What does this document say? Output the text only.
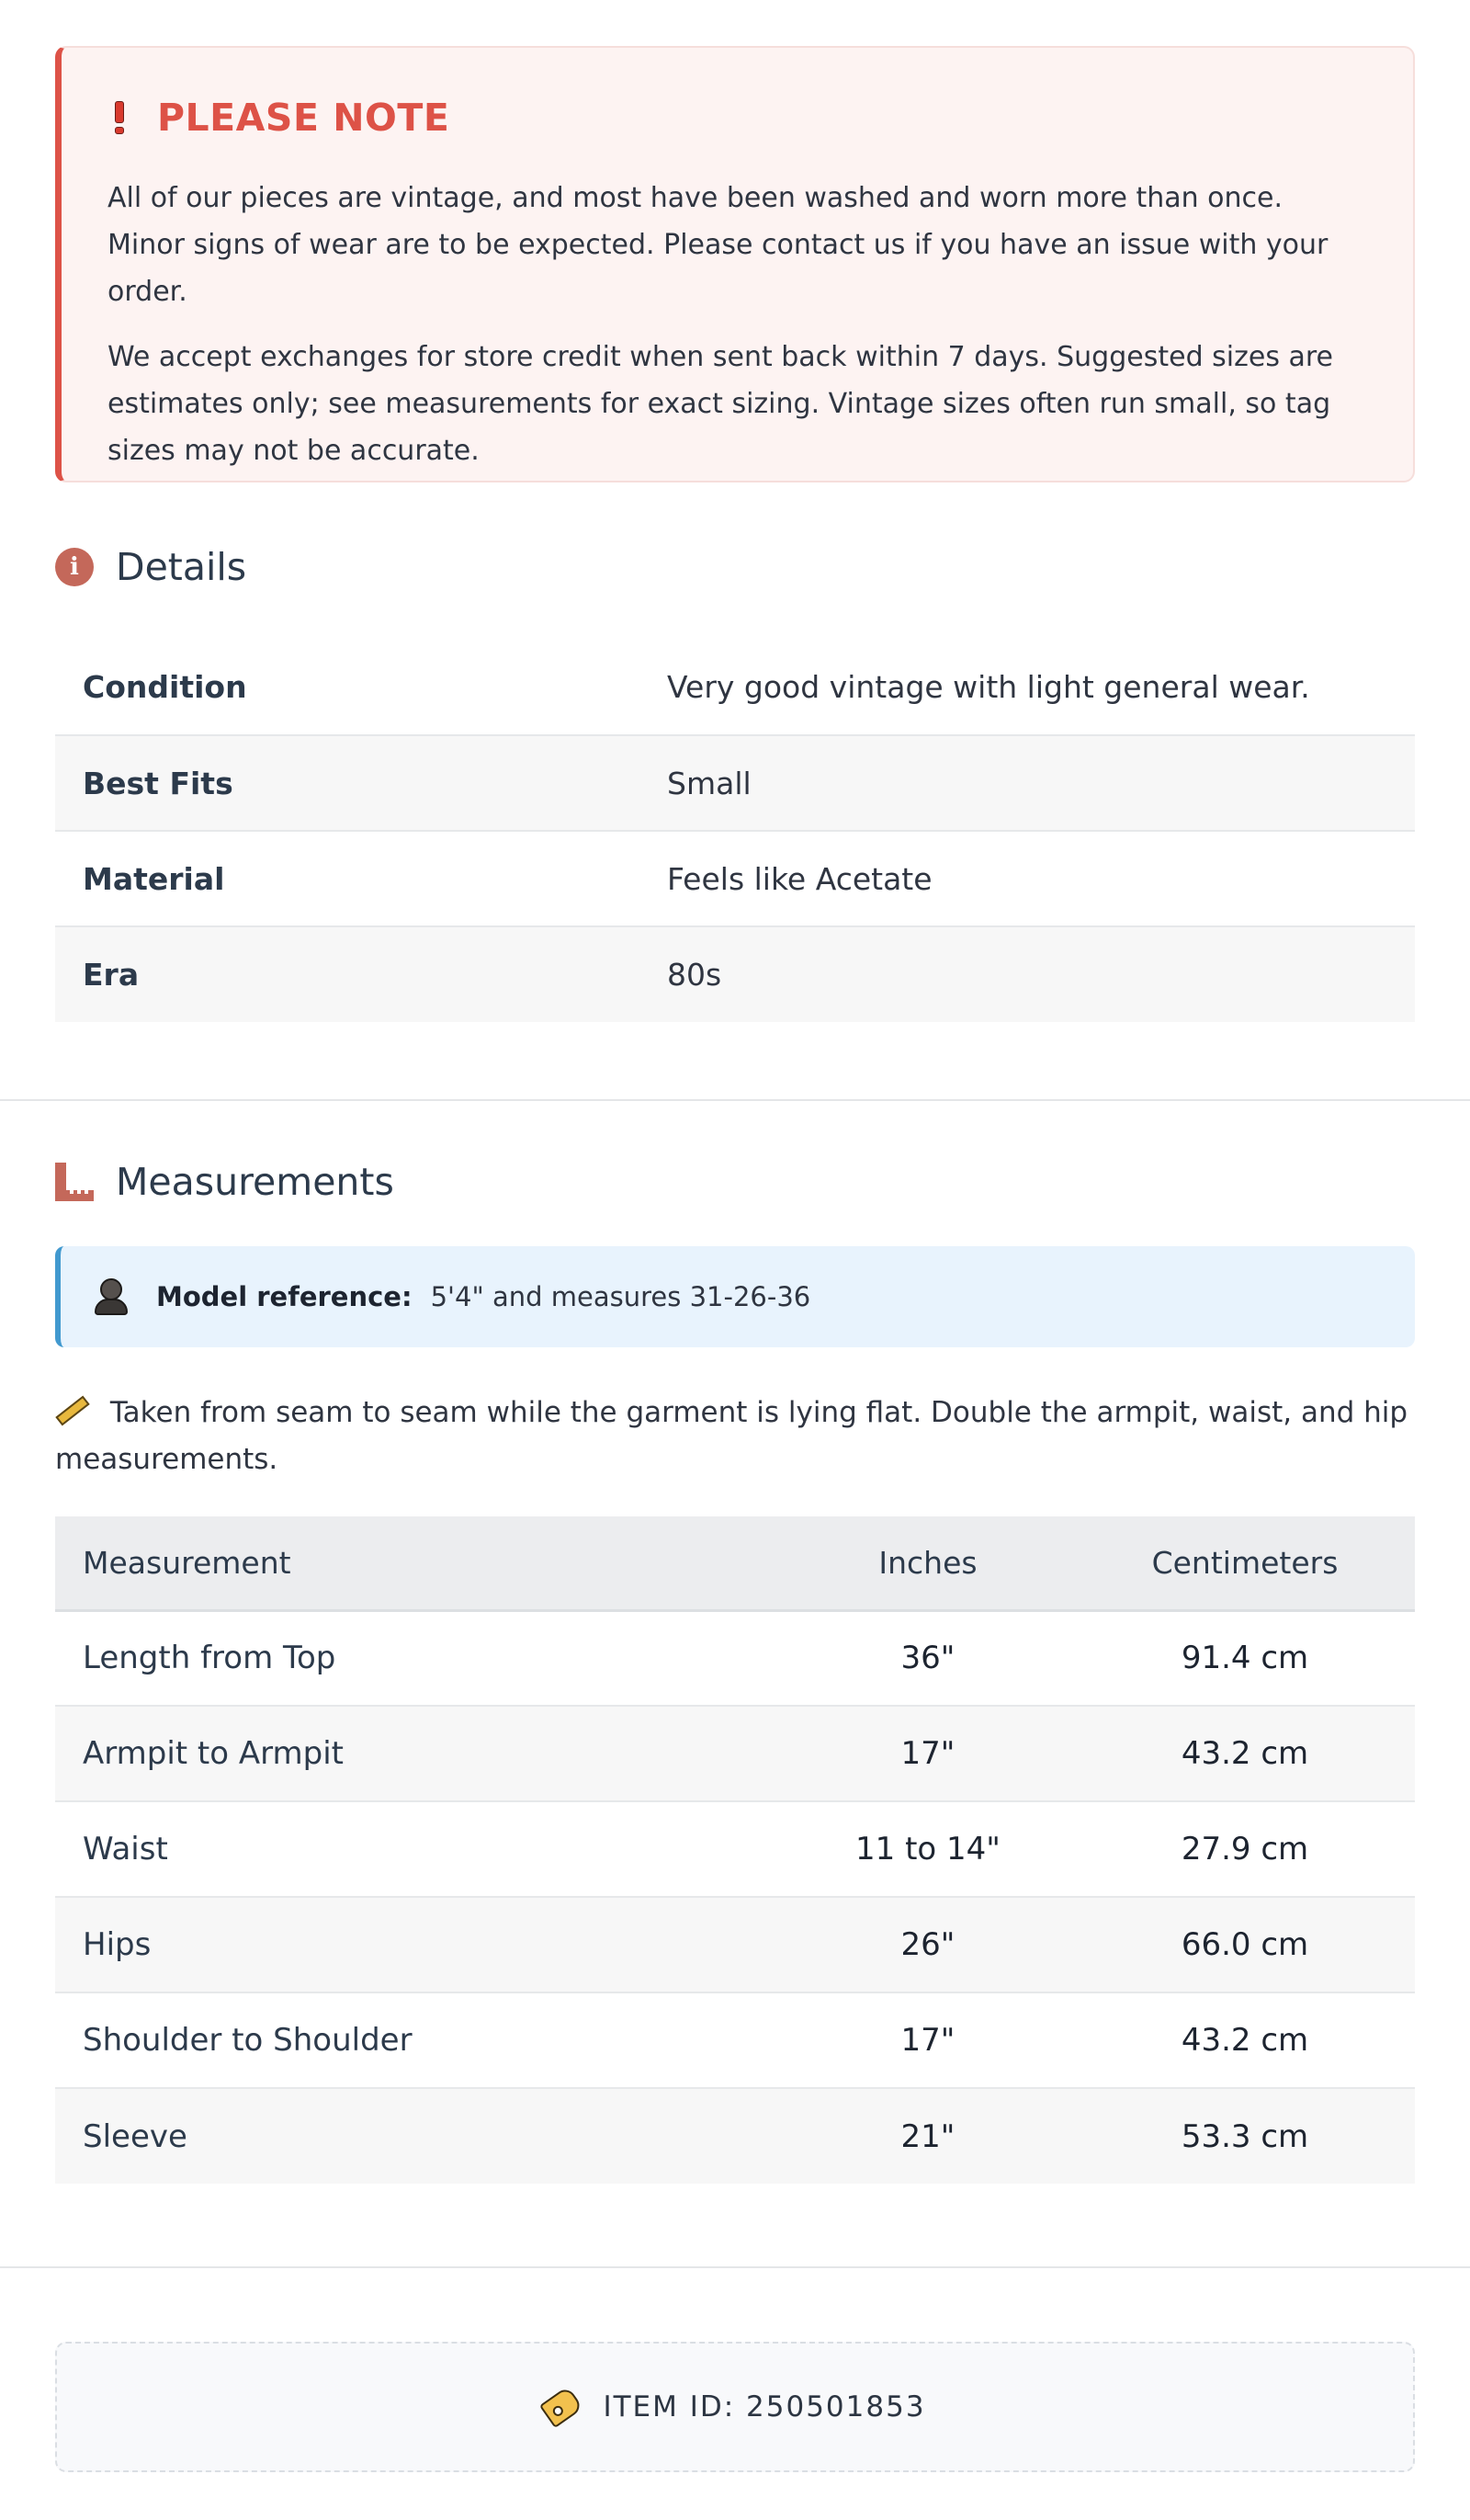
PLEASE NOTE

All of our pieces are vintage, and most have been washed and worn more than once. Minor signs of wear are to be expected. Please contact us if you have an issue with your order.

We accept exchanges for store credit when sent back within 7 days. Suggested sizes are estimates only; see measurements for exact sizing. Vintage sizes often run small, so tag sizes may not be accurate.

i Details
Condition	Very good vintage with light general wear.
Best Fits	Small
Material	Feels like Acetate
Era	80s
Measurements
Model reference: 5'4" and measures 31-26-36
Taken from seam to seam while the garment is lying flat. Double the armpit, waist, and hip measurements.
Measurement	Inches	Centimeters
Length from Top	36"	91.4 cm
Armpit to Armpit	17"	43.2 cm
Waist	11 to 14"	27.9 cm
Hips	26"	66.0 cm
Shoulder to Shoulder	17"	43.2 cm
Sleeve	21"	53.3 cm
ITEM ID: 250501853
